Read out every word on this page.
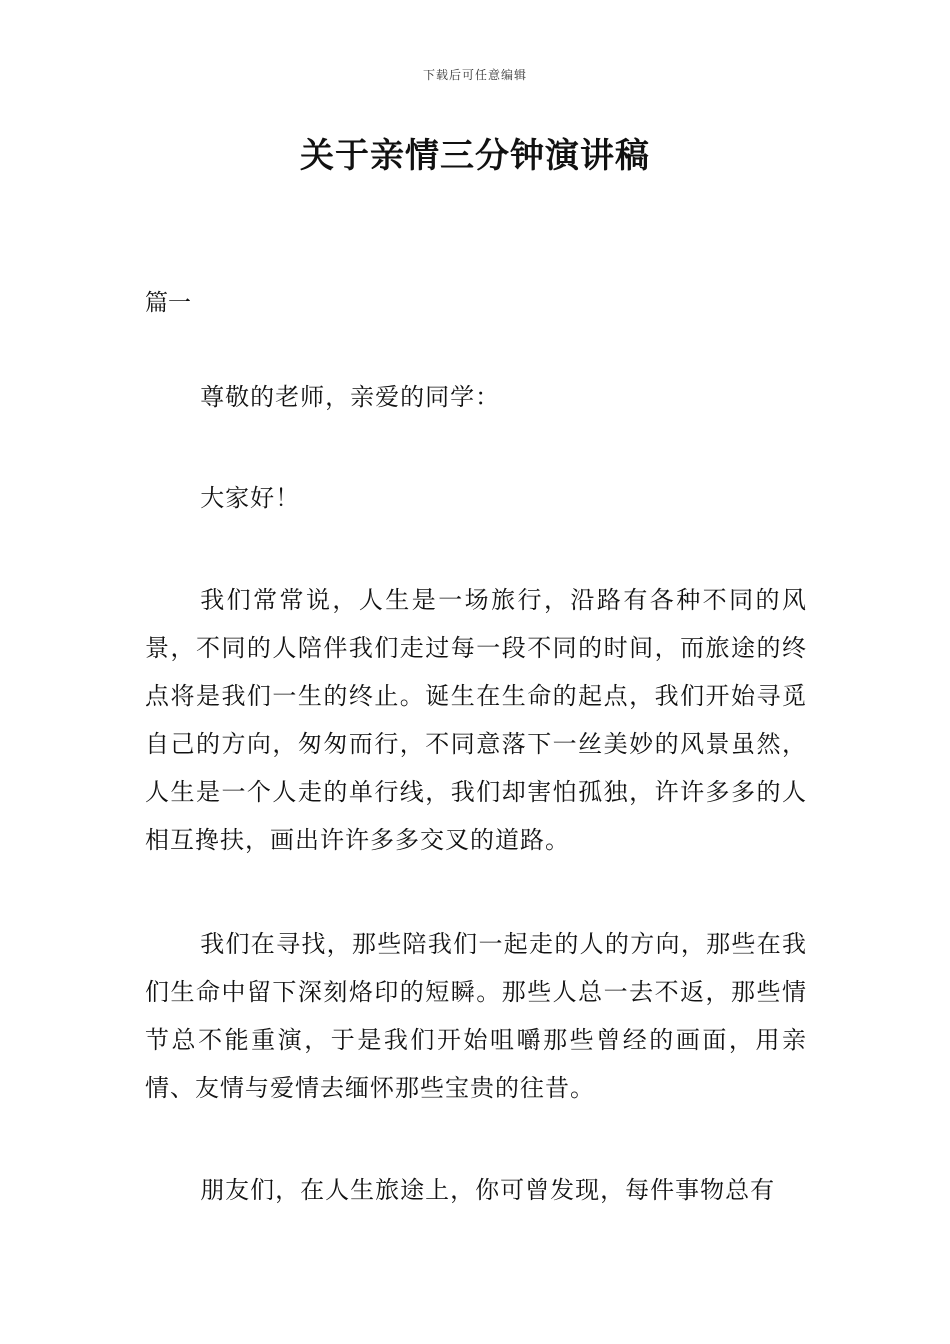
下载后可任意编辑
关于亲情三分钟演讲稿

篇一

尊敬的老师，亲爱的同学：

大家好！

我们常常说，人生是一场旅行，沿路有各种不同的风景，不同的人陪伴我们走过每一段不同的时间，而旅途的终点将是我们一生的终止。诞生在生命的起点，我们开始寻觅自己的方向，匆匆而行，不同意落下一丝美妙的风景虽然，人生是一个人走的单行线，我们却害怕孤独，许许多多的人相互搀扶，画出许许多多交叉的道路。

我们在寻找，那些陪我们一起走的人的方向，那些在我们生命中留下深刻烙印的短瞬。那些人总一去不返，那些情节总不能重演，于是我们开始咀嚼那些曾经的画面，用亲情、友情与爱情去缅怀那些宝贵的往昔。

朋友们，在人生旅途上，你可曾发现，每件事物总有
